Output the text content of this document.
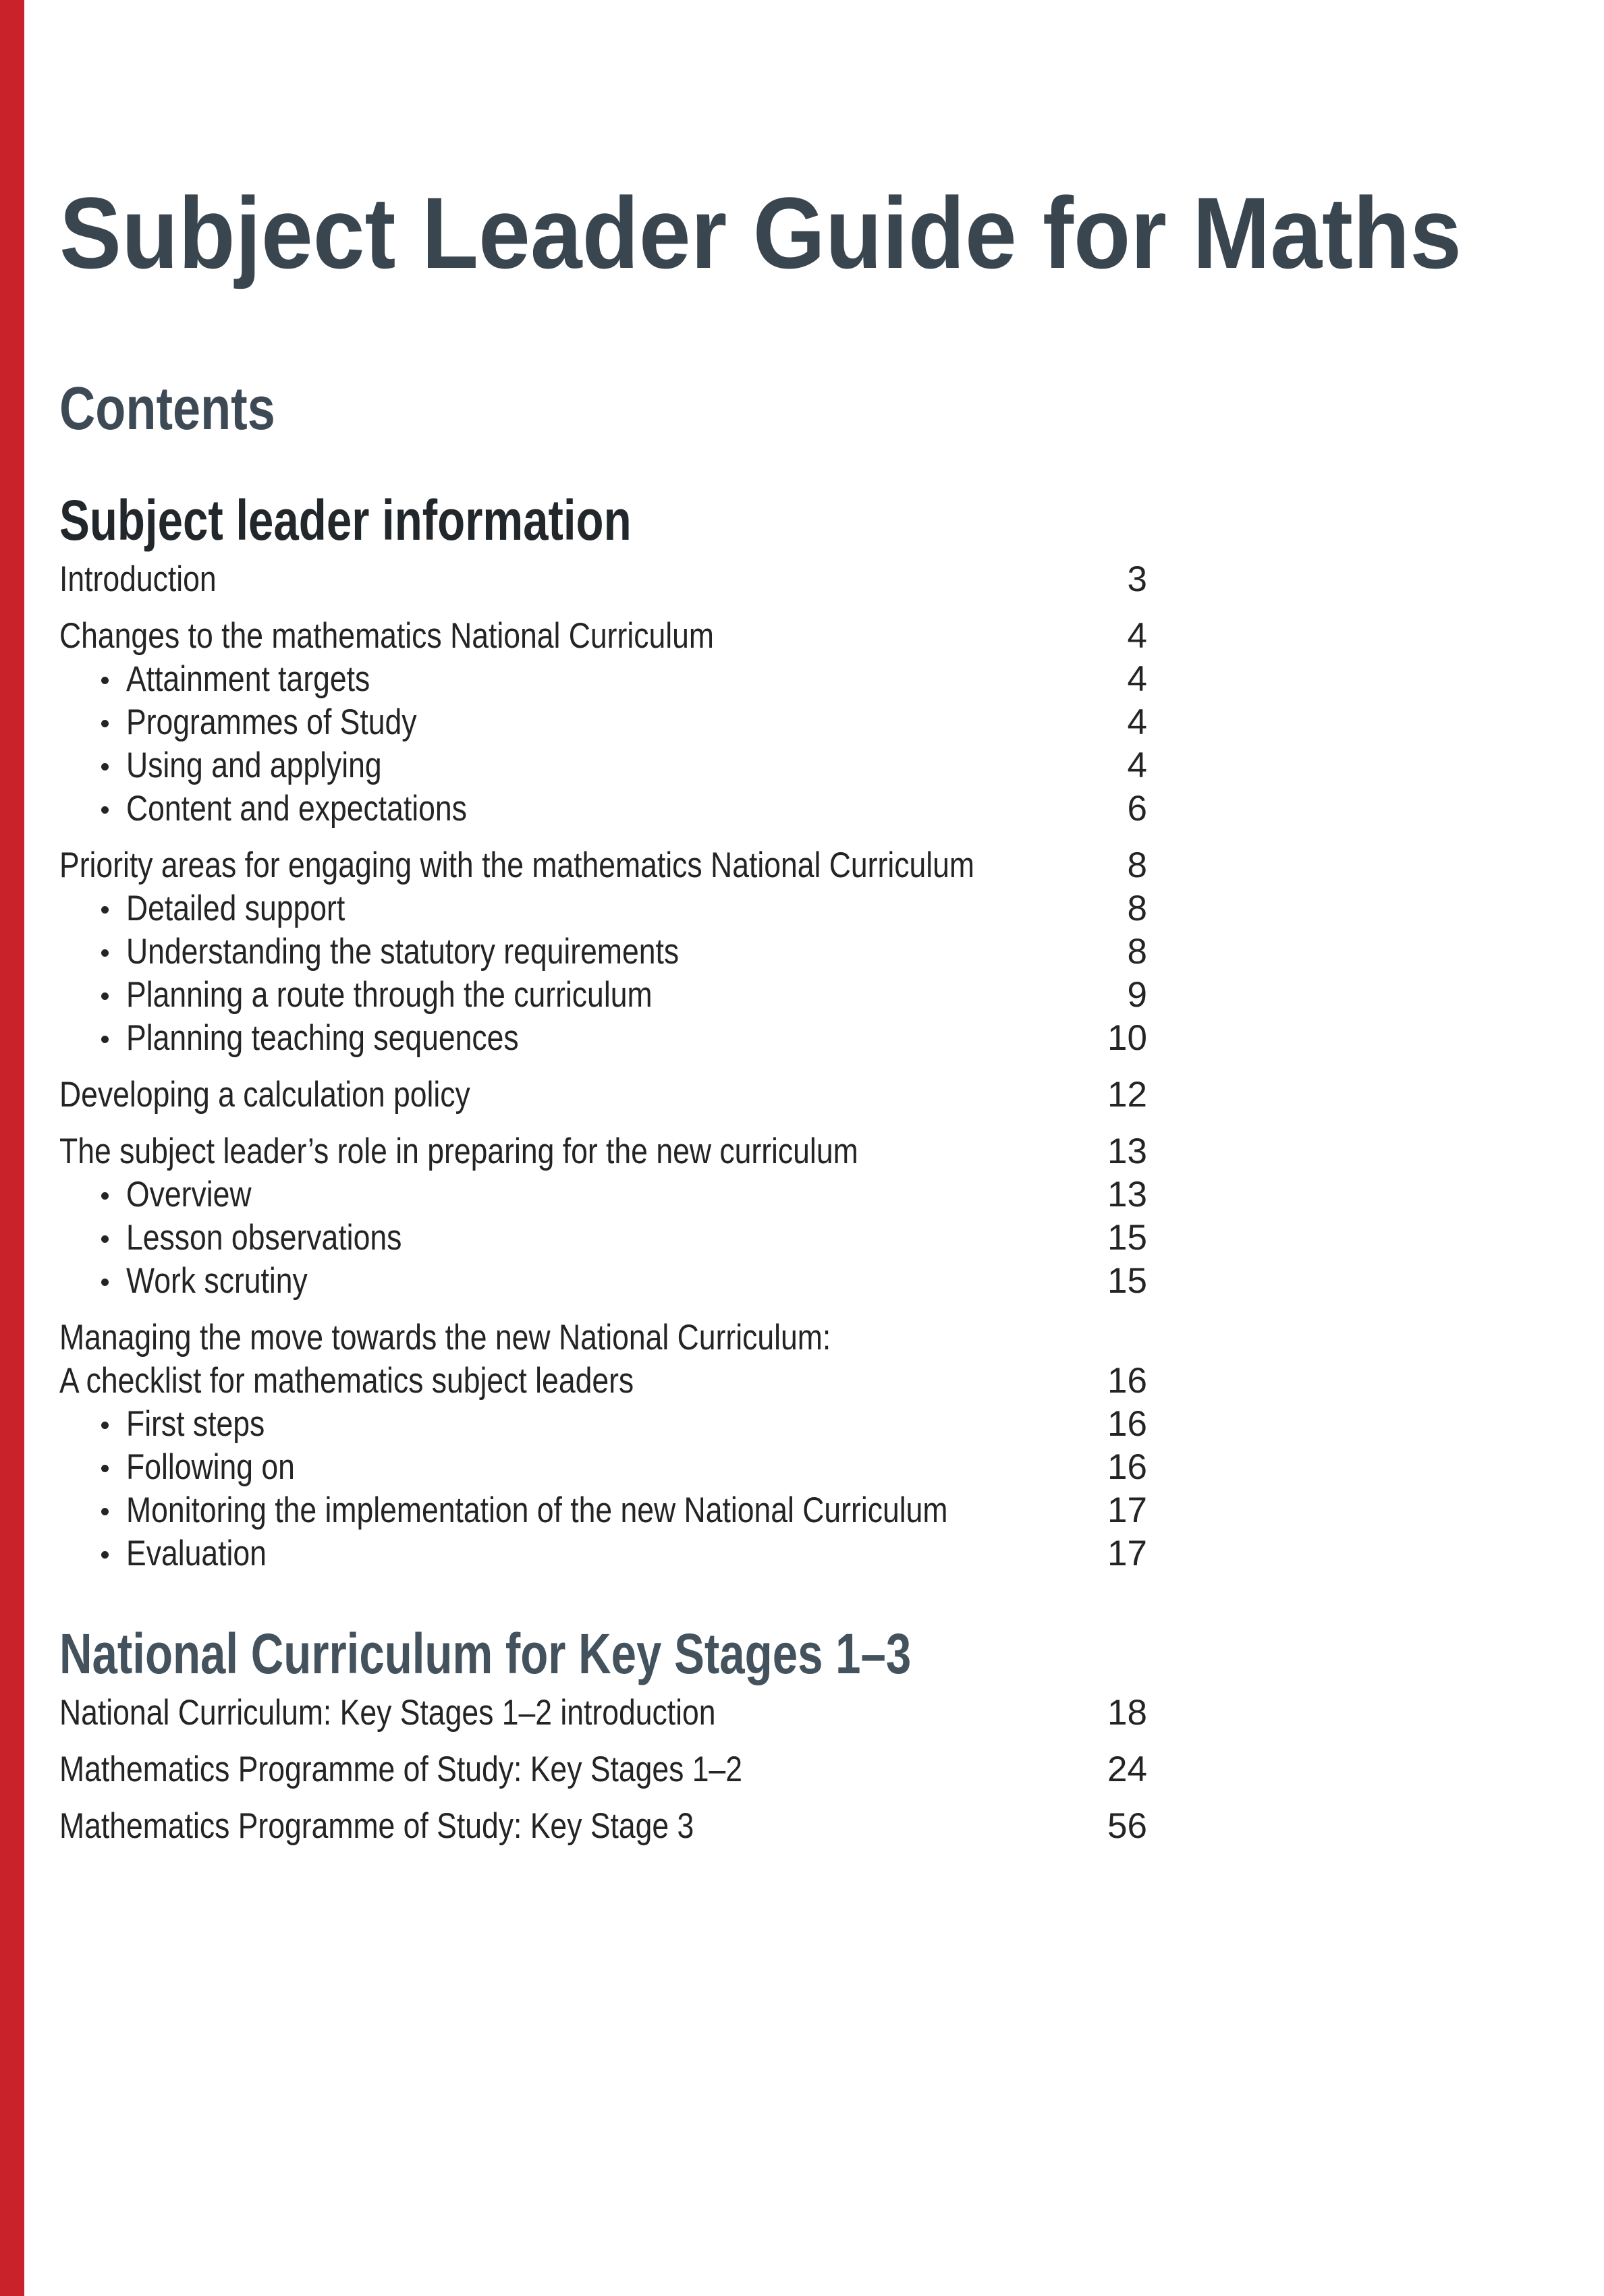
Subject Leader Guide for Maths
Contents
Subject leader information
Introduction	3
Changes to the mathematics National Curriculum	4
Attainment targets	4
Programmes of Study	4
Using and applying	4
Content and expectations	6
Priority areas for engaging with the mathematics National Curriculum	8
Detailed support	8
Understanding the statutory requirements	8
Planning a route through the curriculum	9
Planning teaching sequences	10
Developing a calculation policy	12
The subject leader’s role in preparing for the new curriculum	13
Overview	13
Lesson observations	15
Work scrutiny	15
Managing the move towards the new National Curriculum:
A checklist for mathematics subject leaders	16
First steps	16
Following on	16
Monitoring the implementation of the new National Curriculum	17
Evaluation	17
National Curriculum for Key Stages 1–3
National Curriculum: Key Stages 1–2 introduction	18
Mathematics Programme of Study: Key Stages 1–2	24
Mathematics Programme of Study: Key Stage 3	56
